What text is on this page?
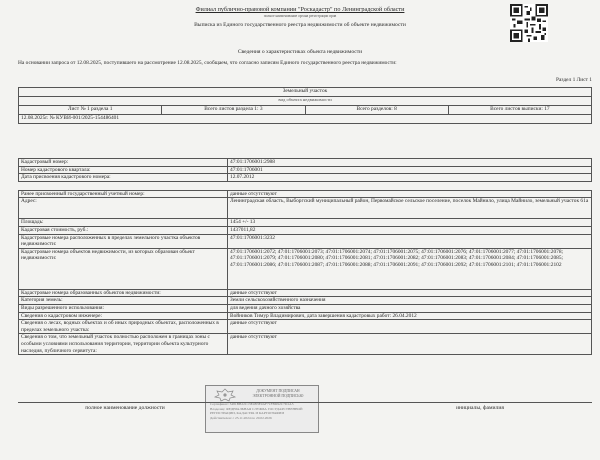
Филиал публично-правовой компании "Роскадастр" по Ленинградской области
полное наименование органа регистрации прав
Выписка из Единого государственного реестра недвижимости об объекте недвижимости
Сведения о характеристиках объекта недвижимости
На основании запроса от 12.08.2025, поступившего на рассмотрение 12.08.2025, сообщаем, что согласно записям Единого государственного реестра недвижимости:
Раздел 1 Лист 1
Земельный участок
вид объекта недвижимости
Лист № 1 раздела 1	Всего листов раздела 1: 3	Всего разделов: 8	Всего листов выписки: 17
12.08.2025г. № КУВИ-001/2025-154486401
Кадастровый номер:	47:01:1706001:2988
Номер кадастрового квартала:	47:01:1706001
Дата присвоения кадастрового номера:	12.07.2012

Ранее присвоенный государственный учетный номер:	данные отсутствуют
Адрес:	Ленинградская область, Выборгский муниципальный район, Первомайское сельское поселение, поселок Майнило, улица Майнило, земельный участок 61а
Площадь:	1454 +/- 13
Кадастровая стоимость, руб.:	1437011,82
Кадастровые номера расположенных в пределах земельного участка объектов недвижимости:	47:01:1706001:3232
Кадастровые номера объектов недвижимости, из которых образован объект недвижимости:	47:01:1706001:2072; 47:01:1706001:2073; 47:01:1706001:2074; 47:01:1706001:2075; 47:01:1706001:2076; 47:01:1706001:2077; 47:01:1706001:2078; 47:01:1706001:2079; 47:01:1706001:2080; 47:01:1706001:2081; 47:01:1706001:2082; 47:01:1706001:2083; 47:01:1706001:2084; 47:01:1706001:2085; 47:01:1706001:2086; 47:01:1706001:2087; 47:01:1706001:2088; 47:01:1706001:2091; 47:01:1706001:2092; 47:01:1706001:2101; 47:01:1706001:2102
Кадастровые номера образованных объектов недвижимости:	данные отсутствуют
Категория земель:	Земли сельскохозяйственного назначения
Виды разрешенного использования:	для ведения дачного хозяйства
Сведения о кадастровом инженере:	Войников Тимур Владимирович, дата завершения кадастровых работ: 26.04.2012
Сведения о лесах, водных объектах и об иных природных объектах, расположенных в пределах земельного участка:	данные отсутствуют
Сведения о том, что земельный участок полностью расположен в границах зоны с особыми условиями использования территории, территории объекта культурного наследия, публичного сервитута:	данные отсутствуют
ДОКУМЕНТ ПОДПИСАН
ЭЛЕКТРОННОЙ ПОДПИСЬЮ
Сертификат: 3481BB22C13E4B3E9AF71FBD92C7D1A5
Владелец: ФЕДЕРАЛЬНАЯ СЛУЖБА ГОСУДАРСТВЕННОЙ
РЕГИСТРАЦИИ, КАДАСТРА И КАРТОГРАФИИ
Действителен: с 25.11.2024 по 20.02.2026
полное наименование должности	инициалы, фамилия
